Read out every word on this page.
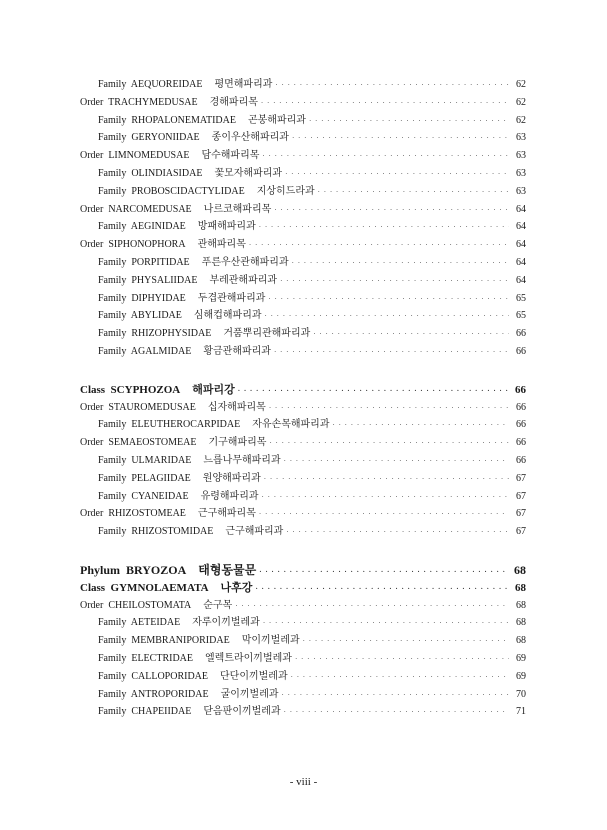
Family  AEQUOREIDAE 평면해파리과 · · ·	62
Order  TRACHYMEDUSAE 경해파리목 · · ·	62
Family  RHOPALONEMATIDAE 곤봉해파리과 · · ·	62
Family  GERYONIIDAE 종이우산해파리과 · · ·	63
Order  LIMNOMEDUSAE 담수해파리목 · · ·	63
Family  OLINDIASIDAE 꽃모자해파리과 · · ·	63
Family  PROBOSCIDACTYLIDAE 지상히드라과 · · ·	63
Order  NARCOMEDUSAE 나르코해파리목 · · ·	64
Family  AEGINIDAE 방패해파리과 · · ·	64
Order  SIPHONOPHORA 관해파리목 · · ·	64
Family  PORPITIDAE 푸른우산관해파리과 · · ·	64
Family  PHYSALIIDAE 부레관해파리과 · · ·	64
Family  DIPHYIDAE 두겹관해파리과 · · ·	65
Family  ABYLIDAE 심해컵해파리과 · · ·	65
Family  RHIZOPHYSIDAE 거품뿌리관해파리과 · · ·	66
Family  AGALMIDAE 황금관해파리과 · · ·	66
Class  SCYPHOZOA 해파리강 · · ·	66
Order  STAUROMEDUSAE 십자해파리목 · · ·	66
Family  ELEUTHEROCARPIDAE 자유손목해파리과 · · ·	66
Order  SEMAEOSTOMEAE 기구해파리목 · · ·	66
Family  ULMARIDAE 느릅나무해파리과 · · ·	66
Family  PELAGIIDAE 원양해파리과 · · ·	67
Family  CYANEIDAE 유령해파리과 · · ·	67
Order  RHIZOSTOMEAE 근구해파리목 · · ·	67
Family  RHIZOSTOMIDAE 근구해파리과 · · ·	67
Phylum  BRYOZOA 태형동물문 · · ·	68
Class  GYMNOLAEMATA 나후강 · · ·	68
Order  CHEILOSTOMATA 순구목 · · ·	68
Family  AETEIDAE 자루이끼벌레과 · · ·	68
Family  MEMBRANIPORIDAE 막이끼벌레과 · · ·	68
Family  ELECTRIDAE 엘렉트라이끼벌레과 · · ·	69
Family  CALLOPORIDAE 단단이끼벌레과 · · ·	69
Family  ANTROPORIDAE 굴이끼벌레과 · · ·	70
Family  CHAPEIIDAE 닫음판이끼벌레과 · · ·	71
- viii -
